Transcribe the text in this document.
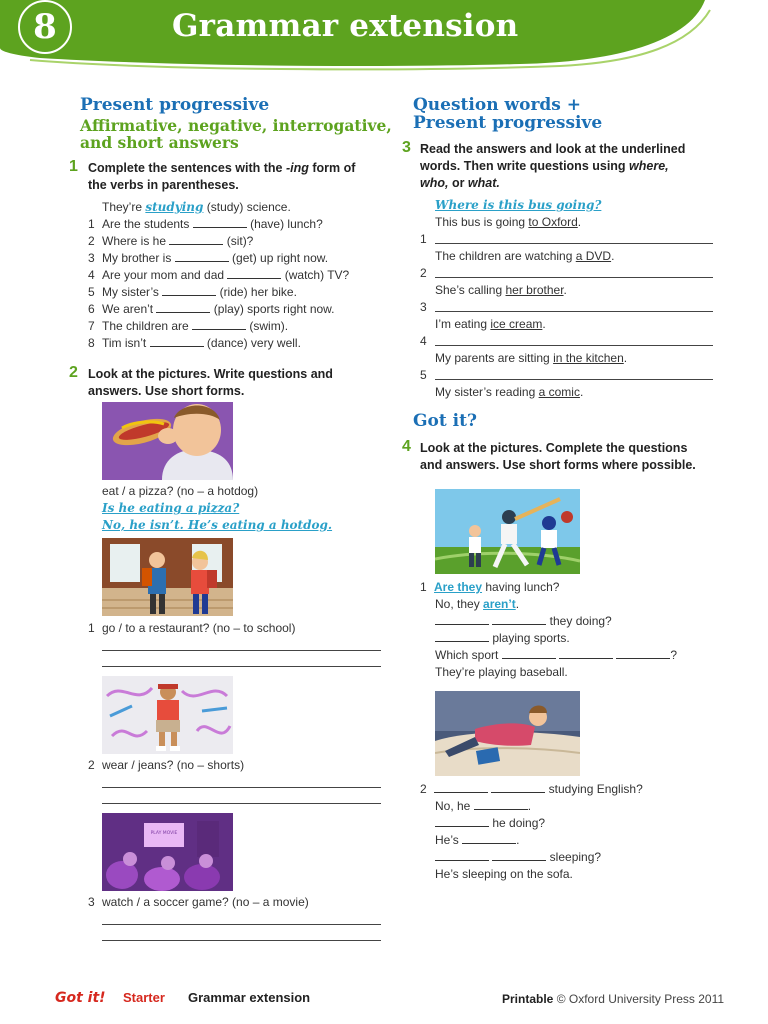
8	Grammar extension
Present progressive
Affirmative, negative, interrogative,
and short answers
1 Complete the sentences with the -ing form of
the verbs in parentheses.
They’re studying (study) science.
1 Are the students	(have) lunch?
2 Where is he	(sit)?
3 My brother is	(get) up right now.
4 Are your mom and dad	(watch) TV?
5 My sister’s	(ride) her bike.
6 We aren’t	(play) sports right now.
7 The children are	(swim).
8 Tim isn’t	(dance) very well.
2 Look at the pictures. Write questions and
answers. Use short forms.
eat / a pizza? (no – a hotdog)
Is he eating a pizza?
No, he isn’t. He’s eating a hotdog.
1 go / to a restaurant? (no – to school)
2 wear / jeans? (no – shorts)
PLAY MOVIE
3 watch / a soccer game? (no – a movie)
Question words +
Present progressive
3 Read the answers and look at the underlined
words. Then write questions using where,
who, or what.
Where is this bus going?
This bus is going to Oxford.
1
The children are watching a DVD.
2
She’s calling her brother.
3
I’m eating ice cream.
4
My parents are sitting in the kitchen.
5
My sister’s reading a comic.
Got it?
4 Look at the pictures. Complete the questions
and answers. Use short forms where possible.
1 Are they having lunch?
No, they aren’t.
they doing?
playing sports.
Which sport	?
They’re playing baseball.
2	studying English?
No, he	.
he doing?
He’s	.
sleeping?
He’s sleeping on the sofa.
Got it! Starter Grammar extension	Printable © Oxford University Press 2011
